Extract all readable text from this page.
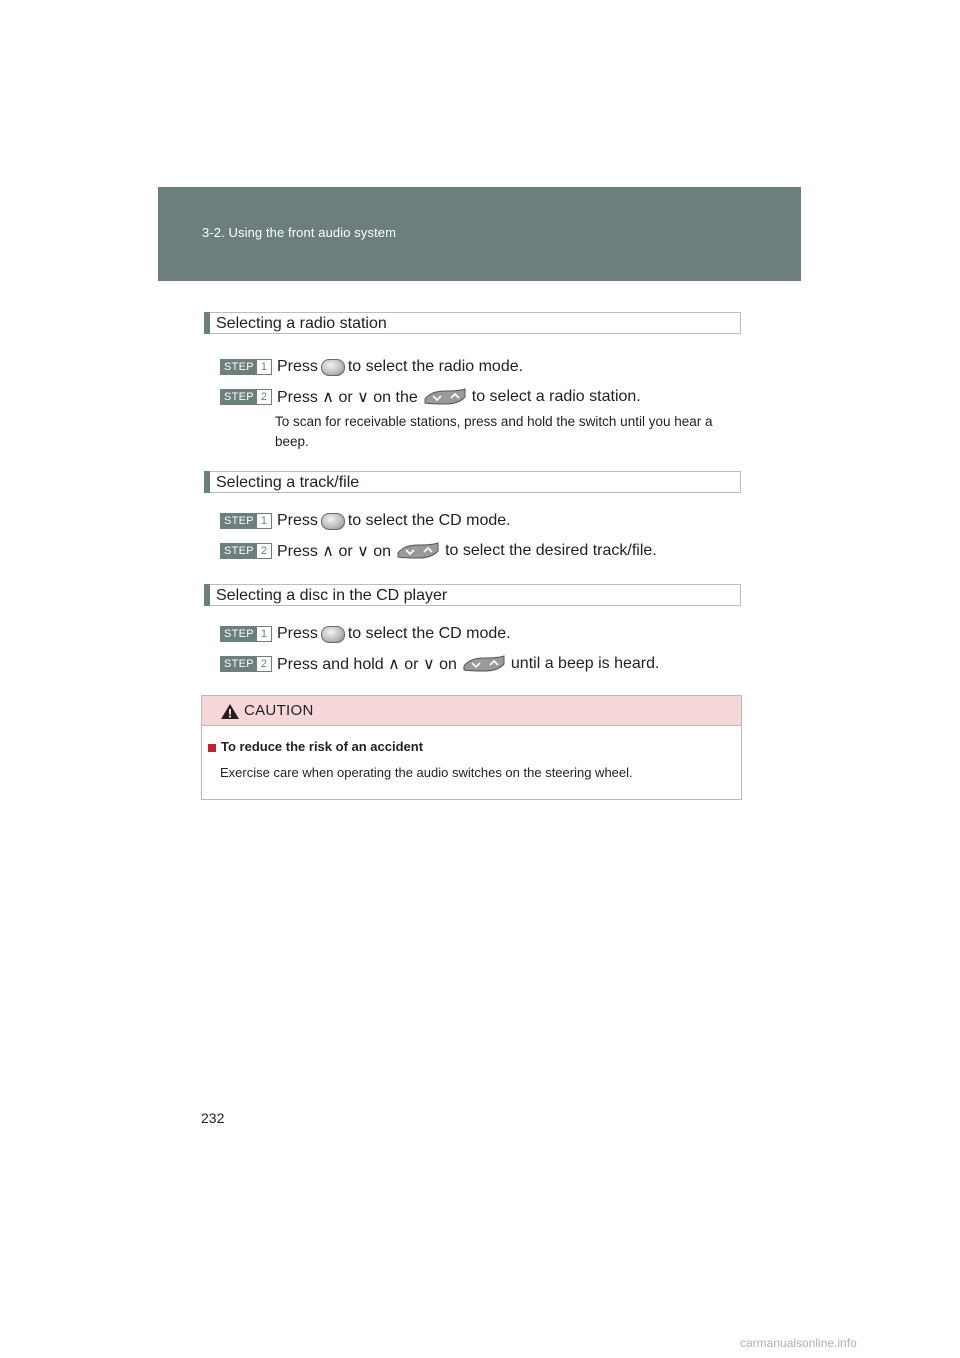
3-2. Using the front audio system
Selecting a radio station
STEP 1 Press to select the radio mode.
STEP 2 Press ∧ or ∨ on the	to select a radio station.
To scan for receivable stations, press and hold the switch until you hear a beep.
Selecting a track/file
STEP 1 Press to select the CD mode.
STEP 2 Press ∧ or ∨ on	to select the desired track/file.
Selecting a disc in the CD player
STEP 1 Press to select the CD mode.
STEP 2 Press and hold ∧ or ∨ on	until a beep is heard.
CAUTION
To reduce the risk of an accident
Exercise care when operating the audio switches on the steering wheel.
232
carmanualsonline.info
